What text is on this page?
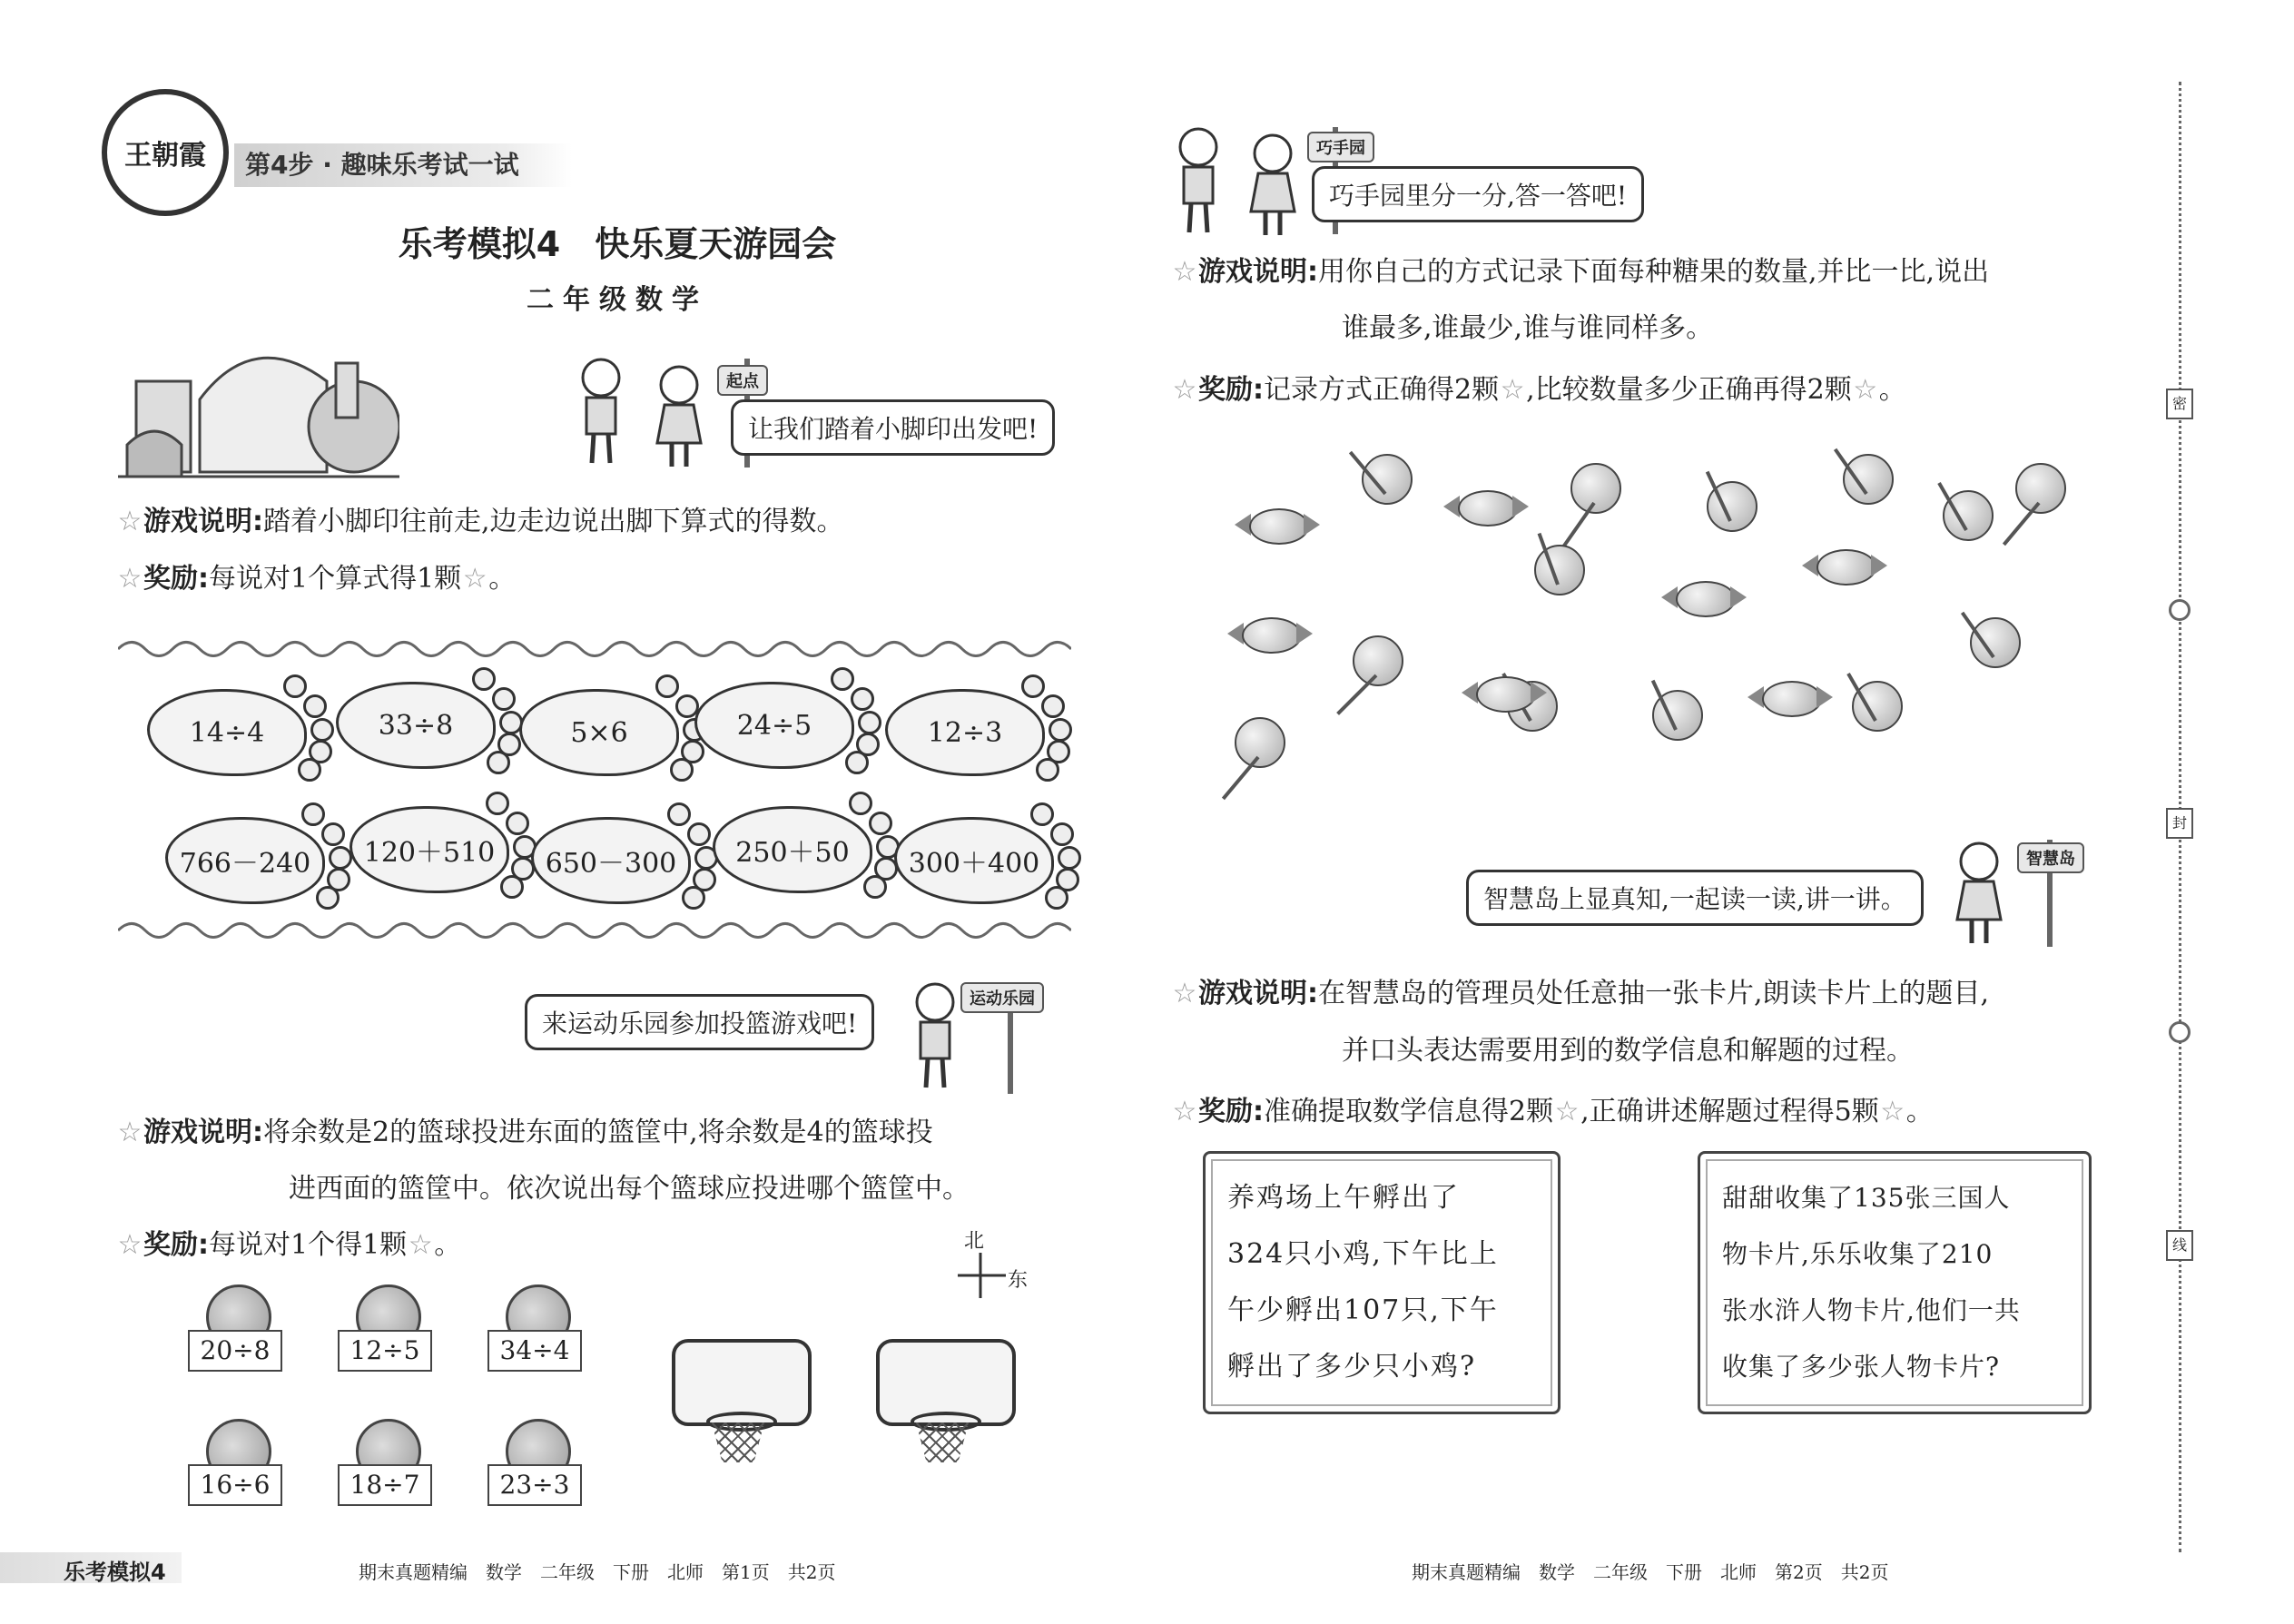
王朝霞	第4步 · 趣味乐考试一试
乐考模拟4　快乐夏天游园会
二年级数学
起点
让我们踏着小脚印出发吧!
☆游戏说明:踏着小脚印往前走,边走边说出脚下算式的得数。
☆奖励:每说对1个算式得1颗☆。
14÷4	33÷8	5×6	24÷5	12÷3
766－240	120＋510	650－300	250＋50	300＋400
来运动乐园参加投篮游戏吧!
运动乐园
☆游戏说明:将余数是2的篮球投进东面的篮筐中,将余数是4的篮球投
进西面的篮筐中。依次说出每个篮球应投进哪个篮筐中。
☆奖励:每说对1个得1颗☆。	北
东
20÷8	12÷5	34÷4
16÷6	18÷7	23÷3
巧手园
巧手园里分一分,答一答吧!
☆游戏说明:用你自己的方式记录下面每种糖果的数量,并比一比,说出
谁最多,谁最少,谁与谁同样多。
☆奖励:记录方式正确得2颗☆,比较数量多少正确再得2颗☆。
智慧岛上显真知,一起读一读,讲一讲。
智慧岛
☆游戏说明:在智慧岛的管理员处任意抽一张卡片,朗读卡片上的题目,
并口头表达需要用到的数学信息和解题的过程。
☆奖励:准确提取数学信息得2颗☆,正确讲述解题过程得5颗☆。
养鸡场上午孵出了
324只小鸡,下午比上
午少孵出107只,下午
孵出了多少只小鸡?
甜甜收集了135张三国人
物卡片,乐乐收集了210
张水浒人物卡片,他们一共
收集了多少张人物卡片?
乐考模拟4	期末真题精编　数学　二年级　下册　北师　第1页　共2页	期末真题精编　数学　二年级　下册　北师　第2页　共2页
密
封
线
